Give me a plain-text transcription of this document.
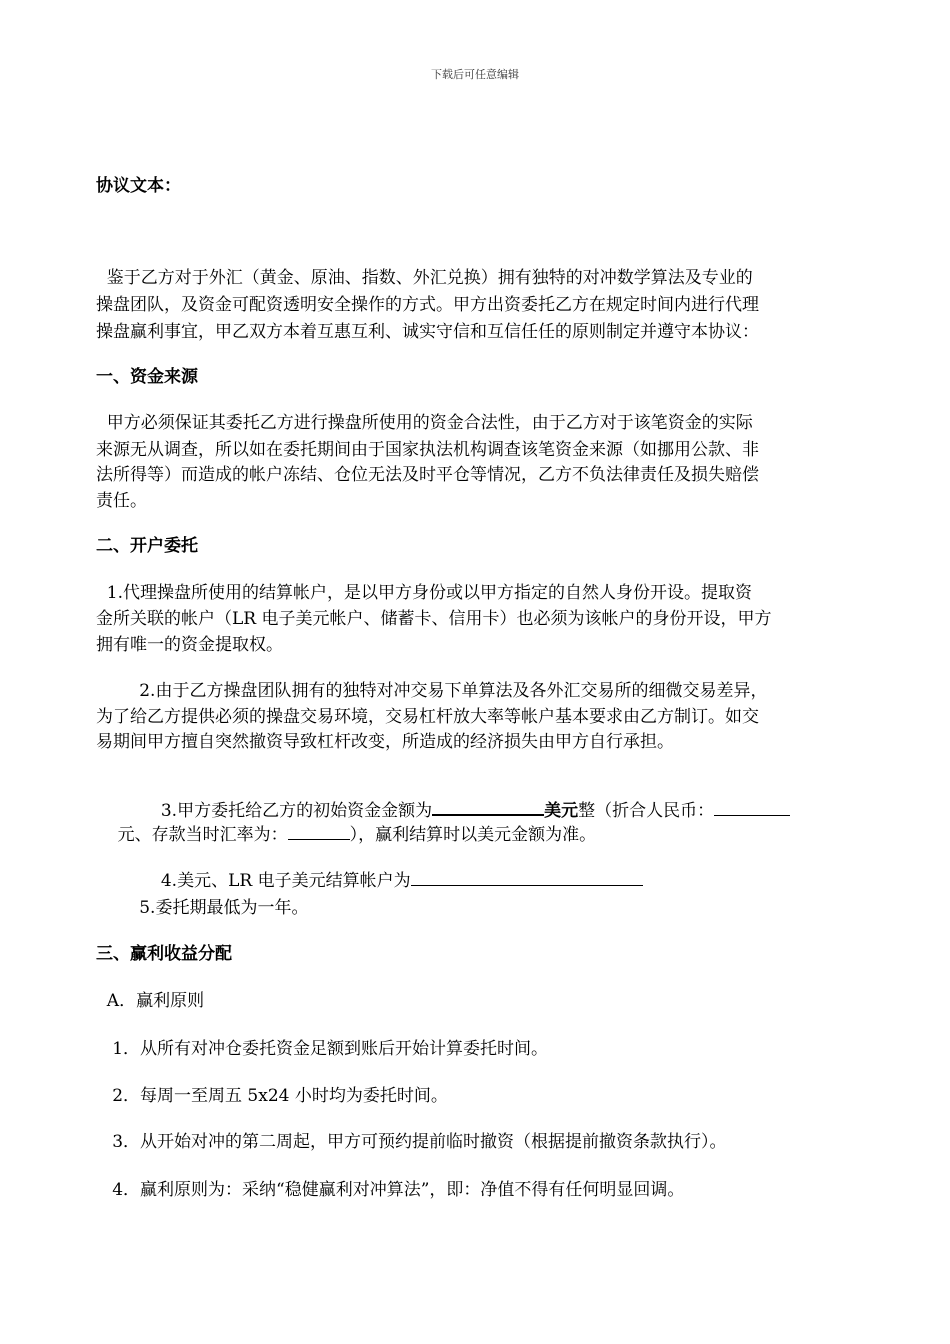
下载后可任意编辑
协议文本：
鉴于乙方对于外汇（黄金、原油、指数、外汇兑换）拥有独特的对冲数学算法及专业的
操盘团队，及资金可配资透明安全操作的方式。甲方出资委托乙方在规定时间内进行代理
操盘赢利事宜，甲乙双方本着互惠互利、诚实守信和互信任任的原则制定并遵守本协议：
一、资金来源
甲方必须保证其委托乙方进行操盘所使用的资金合法性，由于乙方对于该笔资金的实际
来源无从调查，所以如在委托期间由于国家执法机构调查该笔资金来源（如挪用公款、非
法所得等）而造成的帐户冻结、仓位无法及时平仓等情况，乙方不负法律责任及损失赔偿
责任。
二、开户委托
1.代理操盘所使用的结算帐户，是以甲方身份或以甲方指定的自然人身份开设。提取资
金所关联的帐户（LR 电子美元帐户、储蓄卡、信用卡）也必须为该帐户的身份开设，甲方
拥有唯一的资金提取权。
2.由于乙方操盘团队拥有的独特对冲交易下单算法及各外汇交易所的细微交易差异，
为了给乙方提供必须的操盘交易环境，交易杠杆放大率等帐户基本要求由乙方制订。如交
易期间甲方擅自突然撤资导致杠杆改变，所造成的经济损失由甲方自行承担。

3.甲方委托给乙方的初始资金金额为	美元整（折合人民币：

元、存款当时汇率为：	），赢利结算时以美元金额为准。

4.美元、LR 电子美元结算帐户为

5.委托期最低为一年。
三、赢利收益分配
A．赢利原则
1．从所有对冲仓委托资金足额到账后开始计算委托时间。
2．每周一至周五 5x24 小时均为委托时间。
3．从开始对冲的第二周起，甲方可预约提前临时撤资（根据提前撤资条款执行）。
4．赢利原则为：采纳“稳健赢利对冲算法”，即：净值不得有任何明显回调。
